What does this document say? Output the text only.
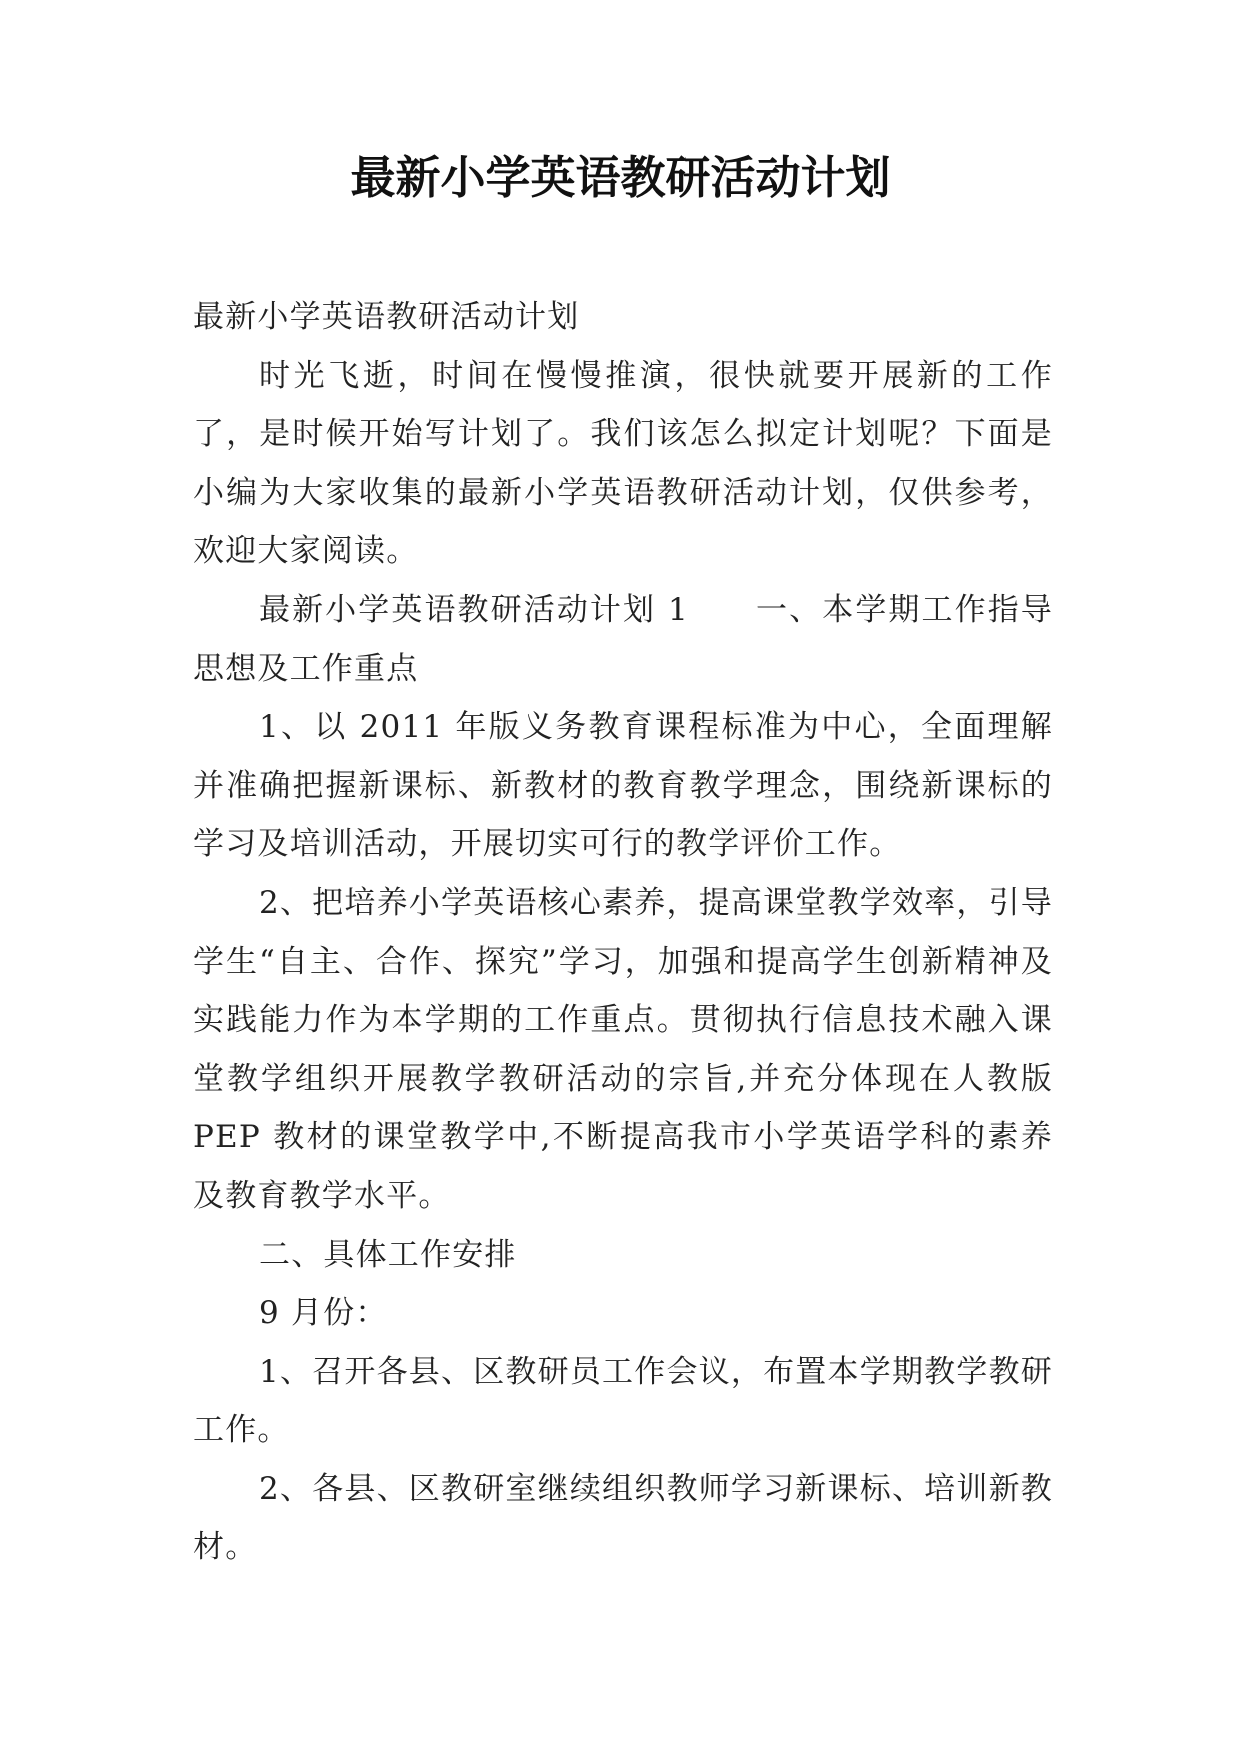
最新小学英语教研活动计划

最新小学英语教研活动计划

时光飞逝，时间在慢慢推演，很快就要开展新的工作了，是时候开始写计划了。我们该怎么拟定计划呢？下面是小编为大家收集的最新小学英语教研活动计划，仅供参考，欢迎大家阅读。

最新小学英语教研活动计划 1　　一、本学期工作指导思想及工作重点

1、以 2011 年版义务教育课程标准为中心，全面理解并准确把握新课标、新教材的教育教学理念，围绕新课标的学习及培训活动，开展切实可行的教学评价工作。

2、把培养小学英语核心素养，提高课堂教学效率，引导学生“自主、合作、探究”学习，加强和提高学生创新精神及实践能力作为本学期的工作重点。贯彻执行信息技术融入课堂教学组织开展教学教研活动的宗旨,并充分体现在人教版 PEP 教材的课堂教学中,不断提高我市小学英语学科的素养及教育教学水平。

二、具体工作安排

9 月份：

1、召开各县、区教研员工作会议，布置本学期教学教研工作。

2、各县、区教研室继续组织教师学习新课标、培训新教材。
